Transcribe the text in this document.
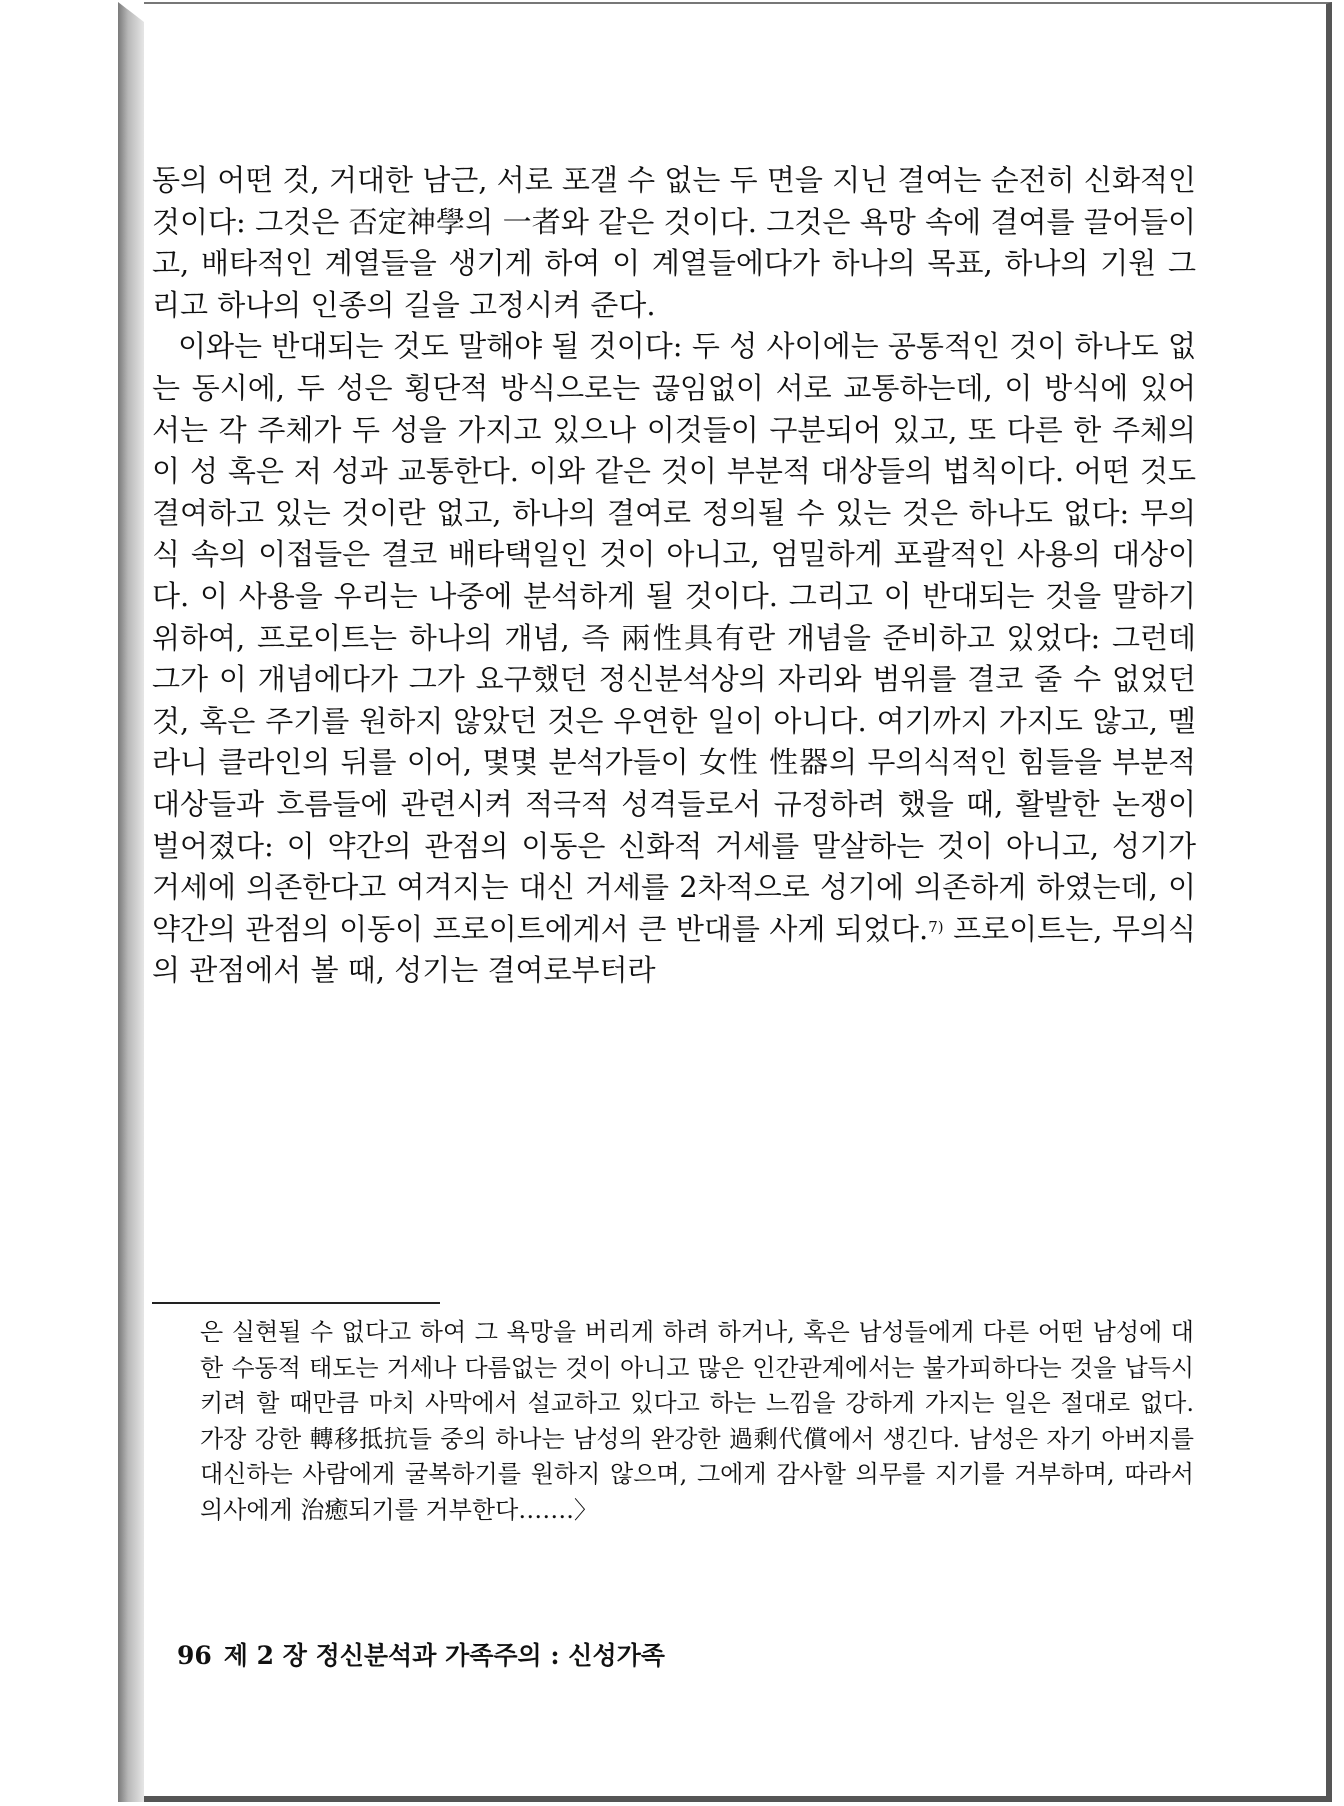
동의 어떤 것, 거대한 남근, 서로 포갤 수 없는 두 면을 지닌 결여는 순전히 신화적인 것이다: 그것은 否定神學의 一者와 같은 것이다. 그것은 욕망 속에 결여를 끌어들이고, 배타적인 계열들을 생기게 하여 이 계열들에다가 하나의 목표, 하나의 기원 그리고 하나의 인종의 길을 고정시켜 준다.

이와는 반대되는 것도 말해야 될 것이다: 두 성 사이에는 공통적인 것이 하나도 없는 동시에, 두 성은 횡단적 방식으로는 끊임없이 서로 교통하는데, 이 방식에 있어서는 각 주체가 두 성을 가지고 있으나 이것들이 구분되어 있고, 또 다른 한 주체의 이 성 혹은 저 성과 교통한다. 이와 같은 것이 부분적 대상들의 법칙이다. 어떤 것도 결여하고 있는 것이란 없고, 하나의 결여로 정의될 수 있는 것은 하나도 없다: 무의식 속의 이접들은 결코 배타택일인 것이 아니고, 엄밀하게 포괄적인 사용의 대상이다. 이 사용을 우리는 나중에 분석하게 될 것이다. 그리고 이 반대되는 것을 말하기 위하여, 프로이트는 하나의 개념, 즉 兩性具有란 개념을 준비하고 있었다: 그런데 그가 이 개념에다가 그가 요구했던 정신분석상의 자리와 범위를 결코 줄 수 없었던 것, 혹은 주기를 원하지 않았던 것은 우연한 일이 아니다. 여기까지 가지도 않고, 멜라니 클라인의 뒤를 이어, 몇몇 분석가들이 女性 性器의 무의식적인 힘들을 부분적 대상들과 흐름들에 관련시켜 적극적 성격들로서 규정하려 했을 때, 활발한 논쟁이 벌어졌다: 이 약간의 관점의 이동은 신화적 거세를 말살하는 것이 아니고, 성기가 거세에 의존한다고 여겨지는 대신 거세를 2차적으로 성기에 의존하게 하였는데, 이 약간의 관점의 이동이 프로이트에게서 큰 반대를 사게 되었다.$^{7)}$ 프로이트는, 무의식의 관점에서 볼 때, 성기는 결여로부터라

은 실현될 수 없다고 하여 그 욕망을 버리게 하려 하거나, 혹은 남성들에게 다른 어떤 남성에 대한 수동적 태도는 거세나 다름없는 것이 아니고 많은 인간관계에서는 불가피하다는 것을 납득시키려 할 때만큼 마치 사막에서 설교하고 있다고 하는 느낌을 강하게 가지는 일은 절대로 없다. 가장 강한 轉移抵抗들 중의 하나는 남성의 완강한 過剩代償에서 생긴다. 남성은 자기 아버지를 대신하는 사람에게 굴복하기를 원하지 않으며, 그에게 감사할 의무를 지기를 거부하며, 따라서 의사에게 治癒되기를 거부한다…….〉

96 제 2 장 정신분석과 가족주의 : 신성가족
